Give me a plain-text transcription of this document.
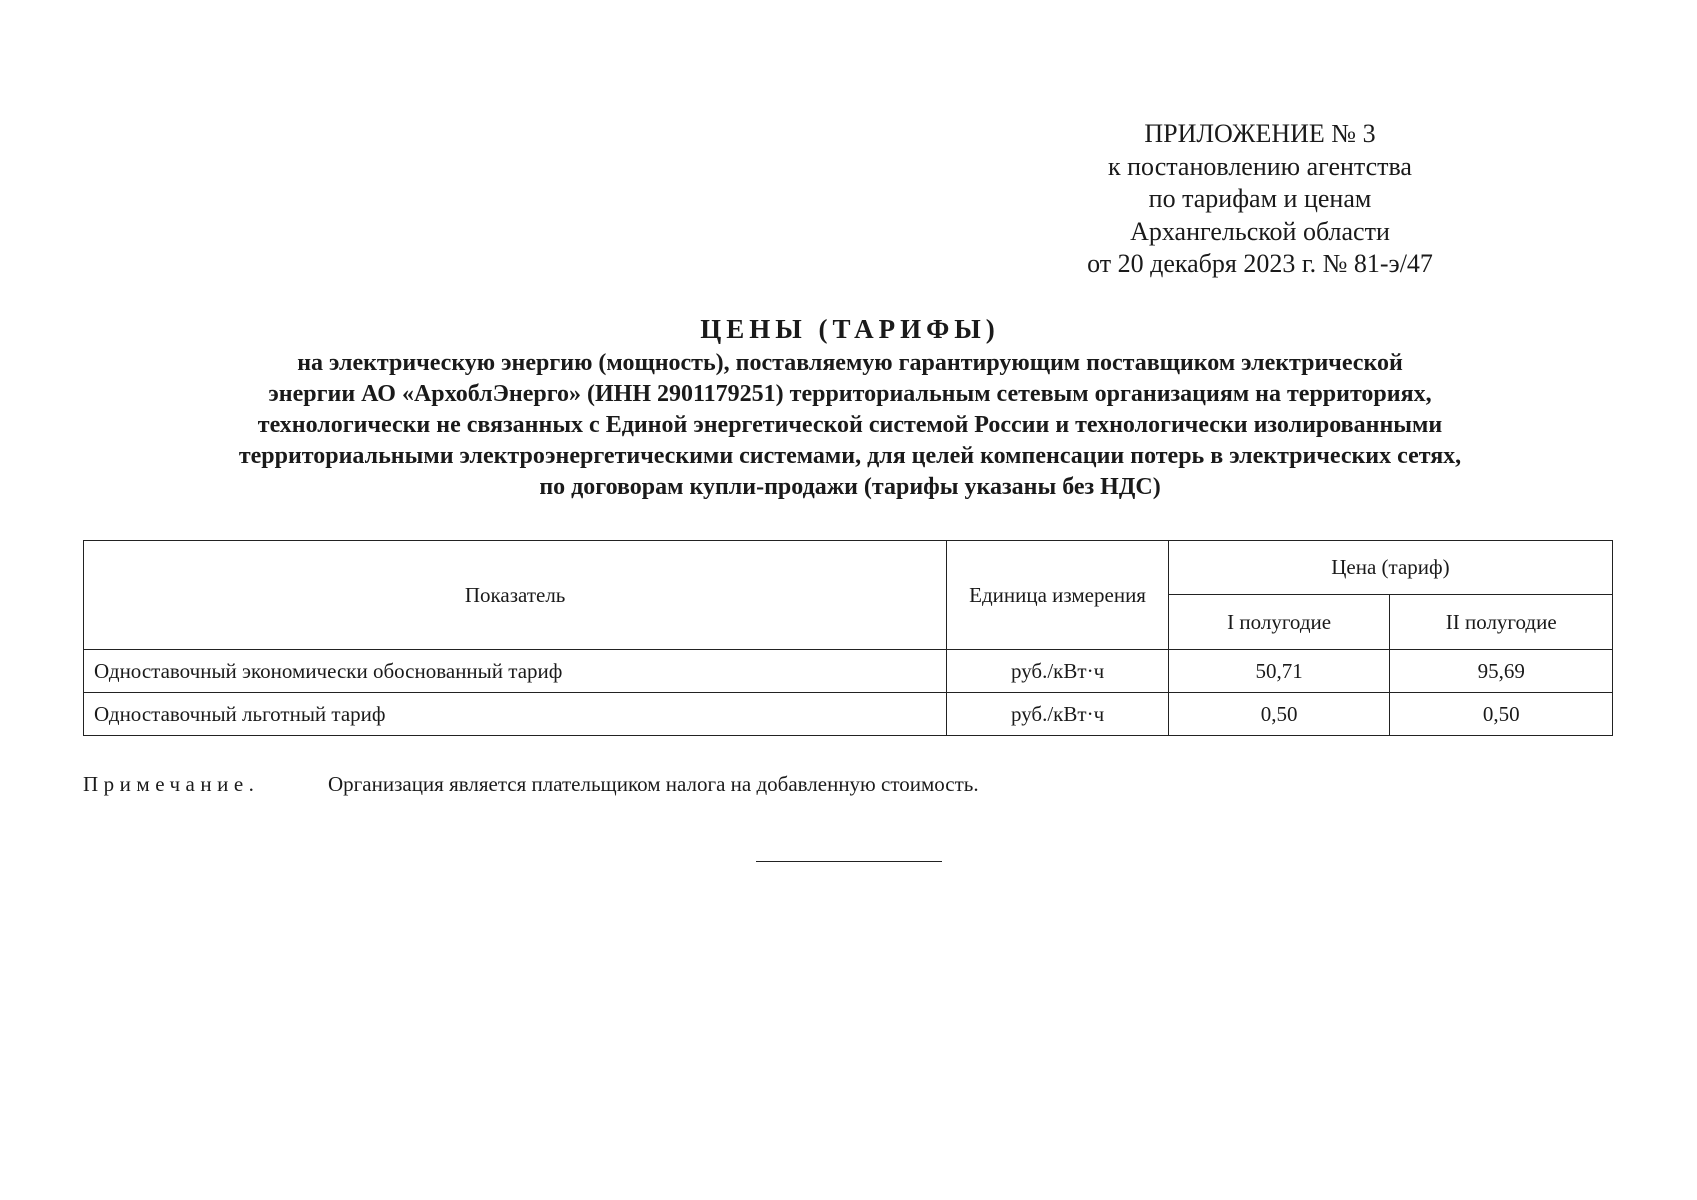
ПРИЛОЖЕНИЕ № 3
к постановлению агентства
по тарифам и ценам
Архангельской области
от 20 декабря 2023 г. № 81-э/47
ЦЕНЫ (ТАРИФЫ)
на электрическую энергию (мощность), поставляемую гарантирующим поставщиком электрической
энергии АО «АрхоблЭнерго» (ИНН 2901179251) территориальным сетевым организациям на территориях,
технологически не связанных с Единой энергетической системой России и технологически изолированными
территориальными электроэнергетическими системами, для целей компенсации потерь в электрических сетях,
по договорам купли-продажи (тарифы указаны без НДС)
Показатель	Единица измерения	Цена (тариф)	
		I полугодие	II полугодие
Одноставочный экономически обоснованный тариф	руб./кВт·ч	50,71	95,69
Одноставочный льготный тариф	руб./кВт·ч	0,50	0,50
Примечание.	Организация является плательщиком налога на добавленную стоимость.
